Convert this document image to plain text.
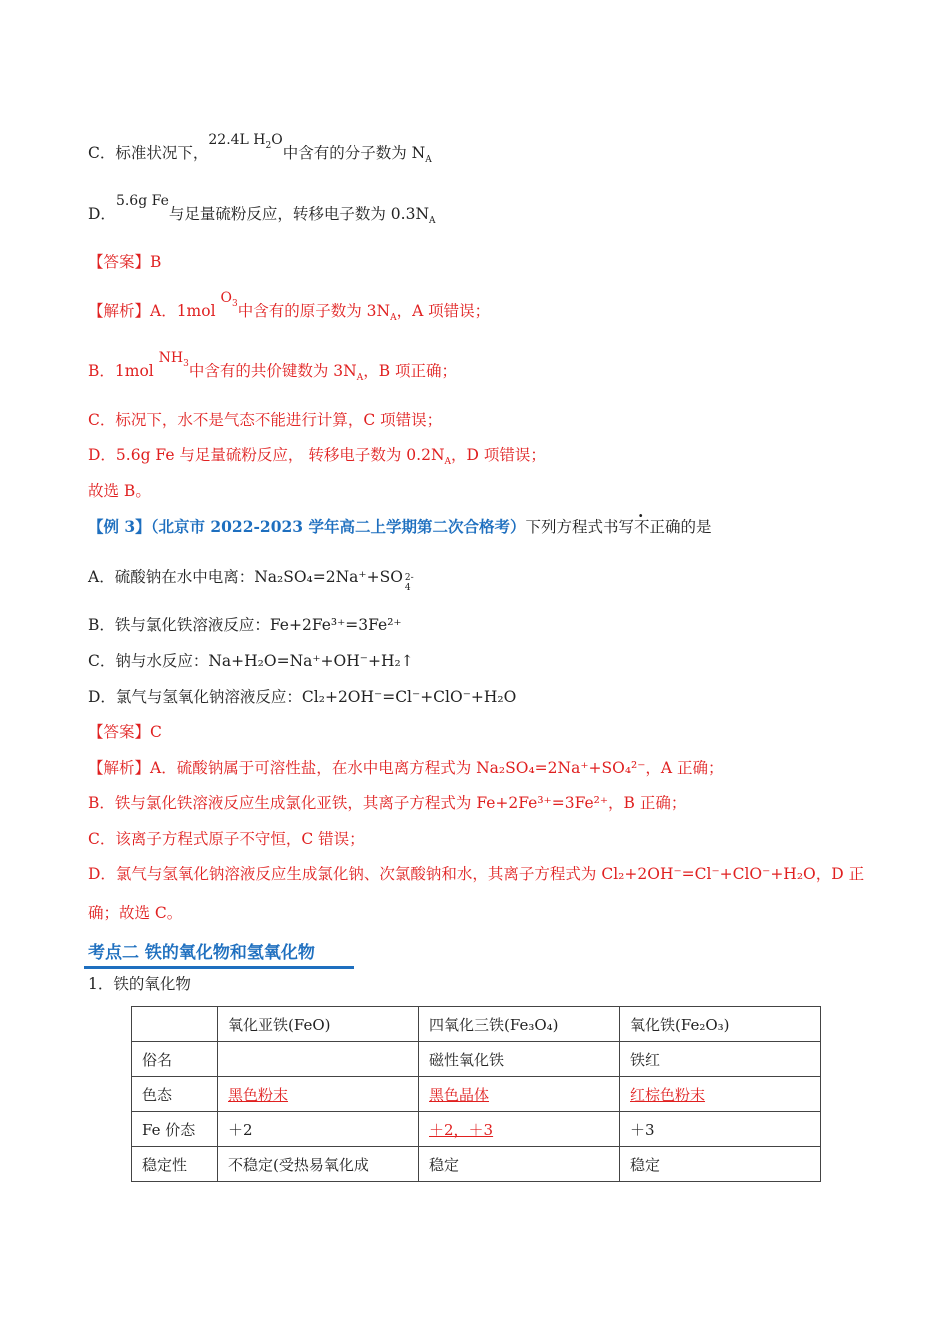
C．标准状况下，22.4L $H_2O$中含有的分子数为 $N_A$
D．5.6g Fe与足量硫粉反应，转移电子数为 $0.3N_A$
【答案】B
【解析】A．1mol $O_3$中含有的原子数为 $3N_A$，A 项错误；
B．1mol $NH_3$中含有的共价键数为 $3N_A$，B 项正确；
C．标况下，水不是气态不能进行计算，C 项错误；
D．5.6g Fe 与足量硫粉反应， 转移电子数为 $0.2N_A$，D 项错误；
故选 B。
【例 3】（北京市 2022-2023 学年高二上学期第二次合格考）下列方程式书写不正确的是
A．硫酸钠在水中电离：Na₂SO₄=2Na⁺+SO 2-
4
B．铁与氯化铁溶液反应：Fe+2Fe³⁺=3Fe²⁺
C．钠与水反应：Na+H₂O=Na⁺+OH⁻+H₂↑
D．氯气与氢氧化钠溶液反应：Cl₂+2OH⁻=Cl⁻+ClO⁻+H₂O
【答案】C
【解析】A．硫酸钠属于可溶性盐，在水中电离方程式为 Na₂SO₄=2Na⁺+SO₄²⁻，A 正确；
B．铁与氯化铁溶液反应生成氯化亚铁，其离子方程式为 Fe+2Fe³⁺=3Fe²⁺，B 正确；
C．该离子方程式原子不守恒，C 错误；
D．氯气与氢氧化钠溶液反应生成氯化钠、次氯酸钠和水，其离子方程式为 Cl₂+2OH⁻=Cl⁻+ClO⁻+H₂O，D 正
确；故选 C。
考点二 铁的氧化物和氢氧化物
1．铁的氧化物
	氧化亚铁(FeO)	四氧化三铁(Fe₃O₄)	氧化铁(Fe₂O₃)
俗名		磁性氧化铁	铁红
色态	黑色粉末	黑色晶体	红棕色粉末
Fe 价态	＋2	＋2，＋3	＋3
稳定性	不稳定(受热易氧化成	稳定	稳定
